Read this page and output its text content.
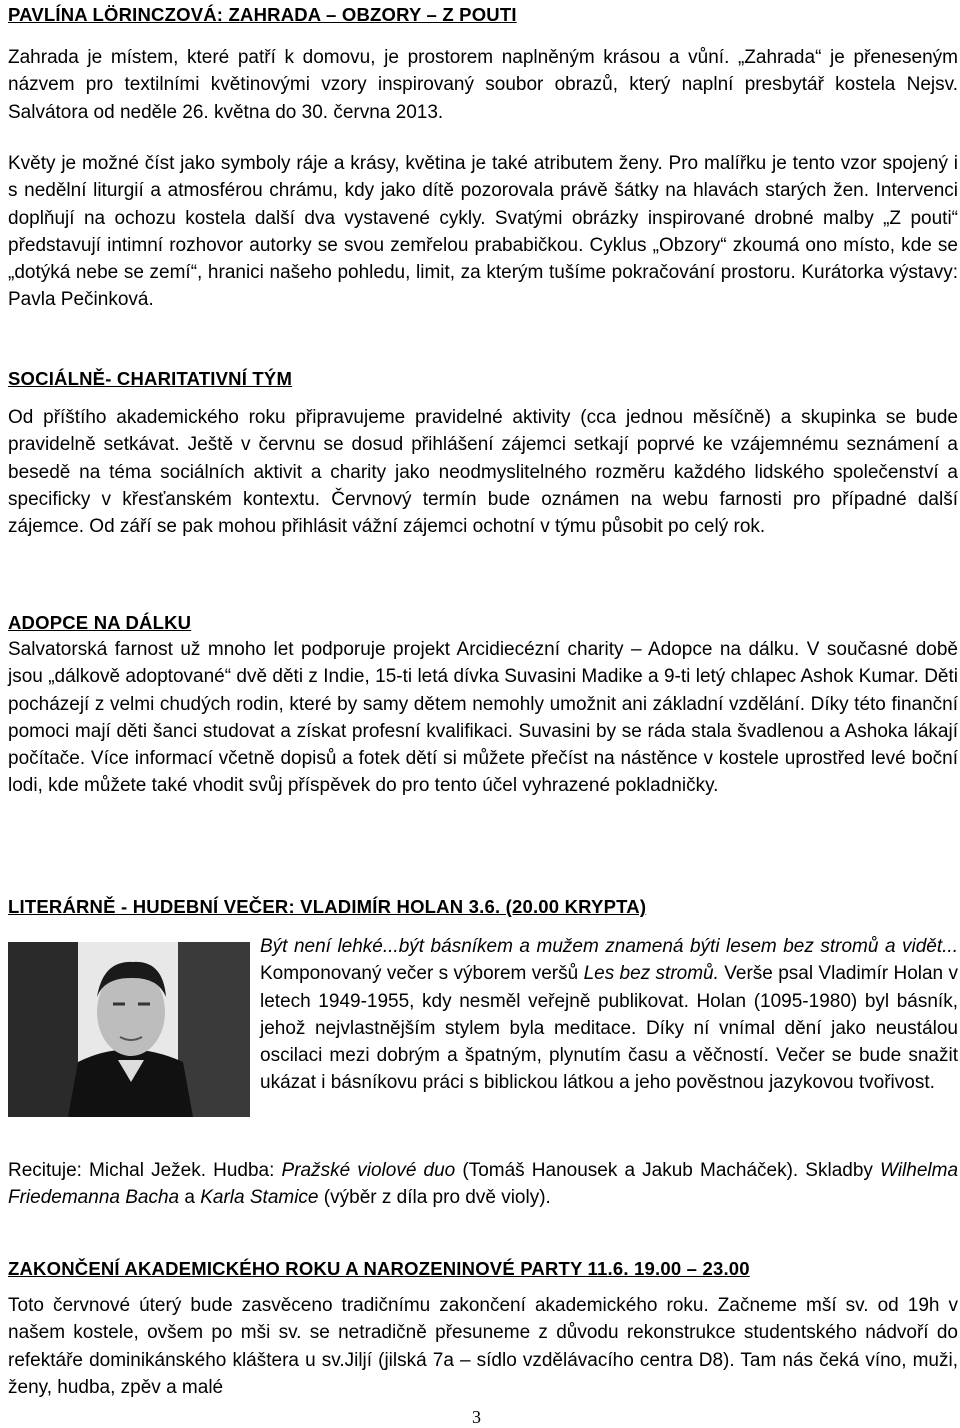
PAVLÍNA LÖRINCZOVÁ: ZAHRADA – OBZORY – Z POUTI

Zahrada je místem, které patří k domovu, je prostorem naplněným krásou a vůní. „Zahrada“ je přeneseným názvem pro textilními květinovými vzory inspirovaný soubor obrazů, který naplní presbytář kostela Nejsv. Salvátora od neděle 26. května do 30. června 2013.

Květy je možné číst jako symboly ráje a krásy, květina je také atributem ženy. Pro malířku je tento vzor spojený i s nedělní liturgií a atmosférou chrámu, kdy jako dítě pozorovala právě šátky na hlavách starých žen. Intervenci doplňují na ochozu kostela další dva vystavené cykly. Svatými obrázky inspirované drobné malby „Z pouti“ představují intimní rozhovor autorky se svou zemřelou prababičkou. Cyklus „Obzory“ zkoumá ono místo, kde se „dotýká nebe se zemí“, hranici našeho pohledu, limit, za kterým tušíme pokračování prostoru. Kurátorka výstavy: Pavla Pečinková.

SOCIÁLNĚ- CHARITATIVNÍ TÝM

Od příštího akademického roku připravujeme pravidelné aktivity (cca jednou měsíčně) a skupinka se bude pravidelně setkávat. Ještě v červnu se dosud přihlášení zájemci setkají poprvé ke vzájemnému seznámení a besedě na téma sociálních aktivit a charity jako neodmyslitelného rozměru každého lidského společenství a specificky v křesťanském kontextu. Červnový termín bude oznámen na webu farnosti pro případné další zájemce. Od září se pak mohou přihlásit vážní zájemci ochotní v týmu působit po celý rok.

ADOPCE NA DÁLKU

Salvatorská farnost už mnoho let podporuje projekt Arcidiecézní charity – Adopce na dálku. V současné době jsou „dálkově adoptované“ dvě děti z Indie, 15-ti letá dívka Suvasini Madike a 9-ti letý chlapec Ashok Kumar. Děti pocházejí z velmi chudých rodin, které by samy dětem nemohly umožnit ani základní vzdělání. Díky této finanční pomoci mají děti šanci studovat a získat profesní kvalifikaci. Suvasini by se ráda stala švadlenou a Ashoka lákají počítače. Více informací včetně dopisů a fotek dětí si můžete přečíst na nástěnce v kostele uprostřed levé boční lodi, kde můžete také vhodit svůj příspěvek do pro tento účel vyhrazené pokladničky.

LITERÁRNĚ - HUDEBNÍ VEČER: VLADIMÍR HOLAN 3.6. (20.00 KRYPTA)

Být není lehké...být básníkem a mužem znamená býti lesem bez stromů a vidět... Komponovaný večer s výborem veršů Les bez stromů. Verše psal Vladimír Holan v letech 1949-1955, kdy nesměl veřejně publikovat. Holan (1095-1980) byl básník, jehož nejvlastnějším stylem byla meditace. Díky ní vnímal dění jako neustálou oscilaci mezi dobrým a špatným, plynutím času a věčností. Večer se bude snažit ukázat i básníkovu práci s biblickou látkou a jeho pověstnou jazykovou tvořivost.

Recituje: Michal Ježek. Hudba: Pražské violové duo (Tomáš Hanousek a Jakub Macháček). Skladby Wilhelma Friedemanna Bacha a Karla Stamice (výběr z díla pro dvě violy).

ZAKONČENÍ AKADEMICKÉHO ROKU A NAROZENINOVÉ PARTY 11.6. 19.00 – 23.00

Toto červnové úterý bude zasvěceno tradičnímu zakončení akademického roku. Začneme mší sv. od 19h v našem kostele, ovšem po mši sv. se netradičně přesuneme z důvodu rekonstrukce studentského nádvoří do refektáře dominikánského kláštera u sv.Jiljí (jilská 7a – sídlo vzdělávacího centra D8). Tam nás čeká víno, muži, ženy, hudba, zpěv a malé

3
